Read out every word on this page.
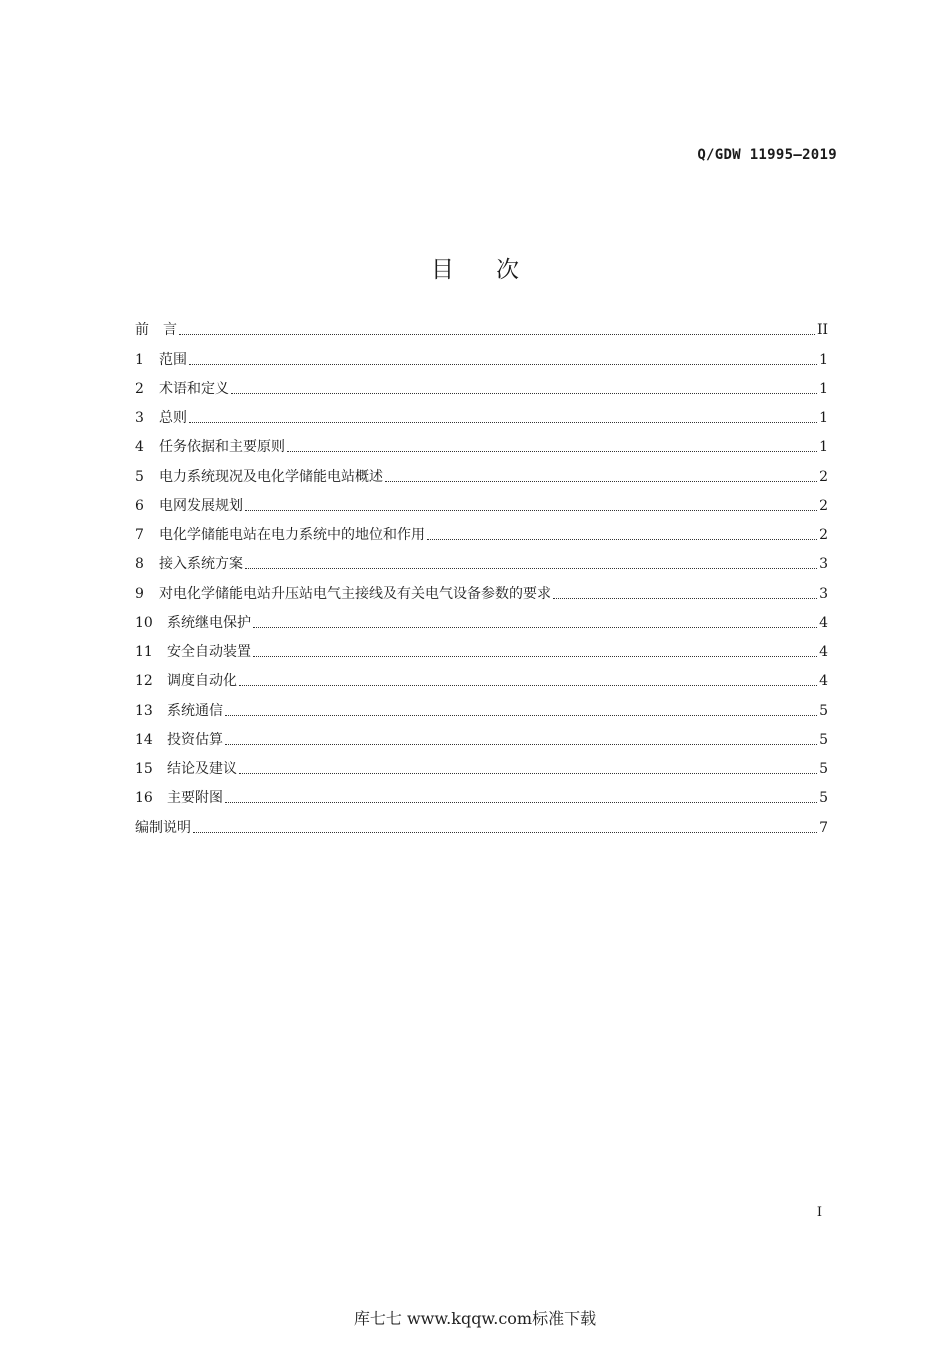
Q/GDW 11995—2019
目次
前言	II
1	范围	1
2	术语和定义	1
3	总则	1
4	任务依据和主要原则	1
5	电力系统现况及电化学储能电站概述	2
6	电网发展规划	2
7	电化学储能电站在电力系统中的地位和作用	2
8	接入系统方案	3
9	对电化学储能电站升压站电气主接线及有关电气设备参数的要求	3
10	系统继电保护	4
11	安全自动装置	4
12	调度自动化	4
13	系统通信	5
14	投资估算	5
15	结论及建议	5
16	主要附图	5
编制说明	7
I
库七七 www.kqqw.com标准下载
